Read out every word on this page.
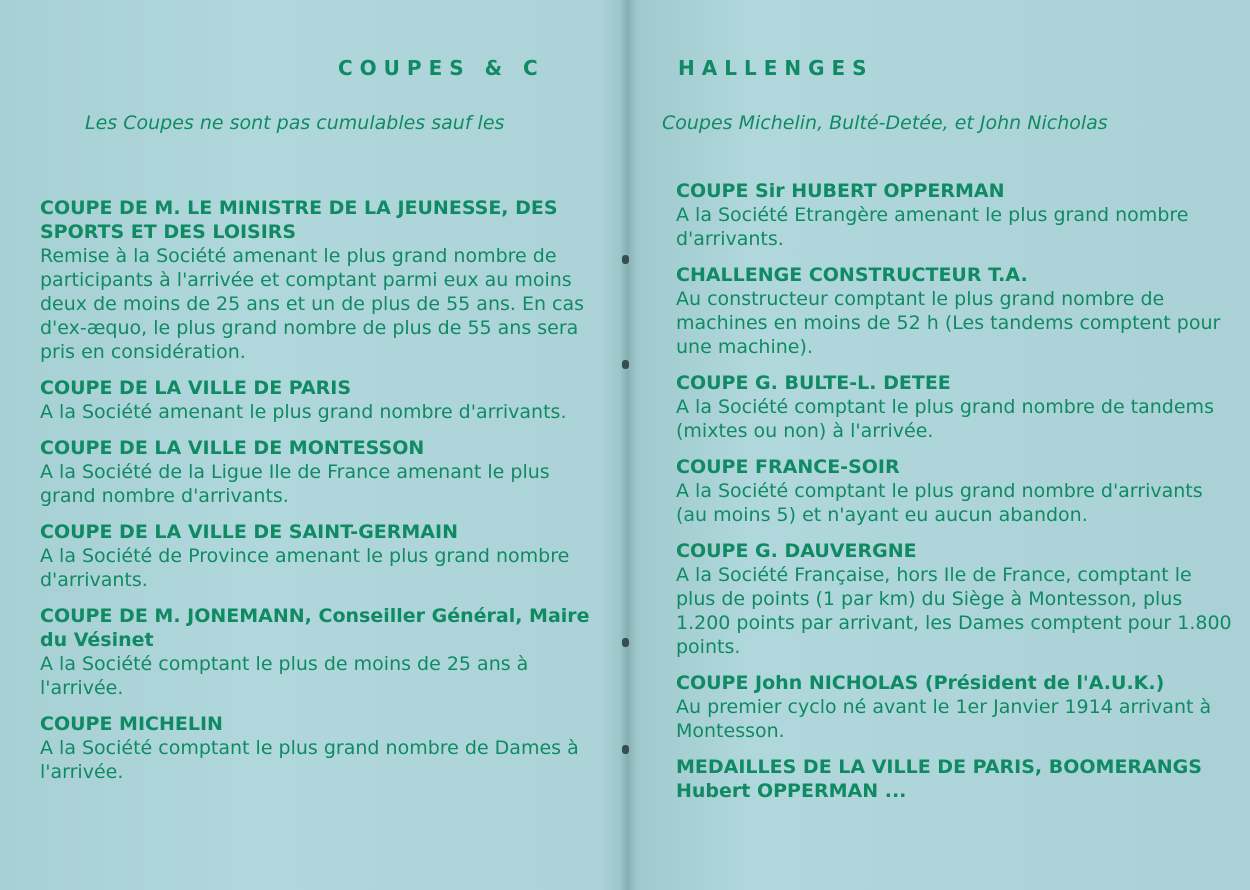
COUPES & C	HALLENGES
Les Coupes ne sont pas cumulables sauf les	Coupes Michelin, Bulté-Detée, et John Nicholas
COUPE DE M. LE MINISTRE DE LA JEUNESSE, DES SPORTS ET DES LOISIRS
Remise à la Société amenant le plus grand nombre de participants à l'arrivée et comptant parmi eux au moins deux de moins de 25 ans et un de plus de 55 ans. En cas d'ex-æquo, le plus grand nombre de plus de 55 ans sera pris en considération.
COUPE DE LA VILLE DE PARIS
A la Société amenant le plus grand nombre d'arrivants.
COUPE DE LA VILLE DE MONTESSON
A la Société de la Ligue Ile de France amenant le plus grand nombre d'arrivants.
COUPE DE LA VILLE DE SAINT-GERMAIN
A la Société de Province amenant le plus grand nombre d'arrivants.
COUPE DE M. JONEMANN, Conseiller Général, Maire du Vésinet
A la Société comptant le plus de moins de 25 ans à l'arrivée.
COUPE MICHELIN
A la Société comptant le plus grand nombre de Dames à l'arrivée.
COUPE Sir HUBERT OPPERMAN
A la Société Etrangère amenant le plus grand nombre d'arrivants.
CHALLENGE CONSTRUCTEUR T.A.
Au constructeur comptant le plus grand nombre de machines en moins de 52 h (Les tandems comptent pour une machine).
COUPE G. BULTE-L. DETEE
A la Société comptant le plus grand nombre de tandems (mixtes ou non) à l'arrivée.
COUPE FRANCE-SOIR
A la Société comptant le plus grand nombre d'arrivants (au moins 5) et n'ayant eu aucun abandon.
COUPE G. DAUVERGNE
A la Société Française, hors Ile de France, comptant le plus de points (1 par km) du Siège à Montesson, plus 1.200 points par arrivant, les Dames comptent pour 1.800 points.
COUPE John NICHOLAS (Président de l'A.U.K.)
Au premier cyclo né avant le 1er Janvier 1914 arrivant à Montesson.
MEDAILLES DE LA VILLE DE PARIS, BOOMERANGS Hubert OPPERMAN ...
